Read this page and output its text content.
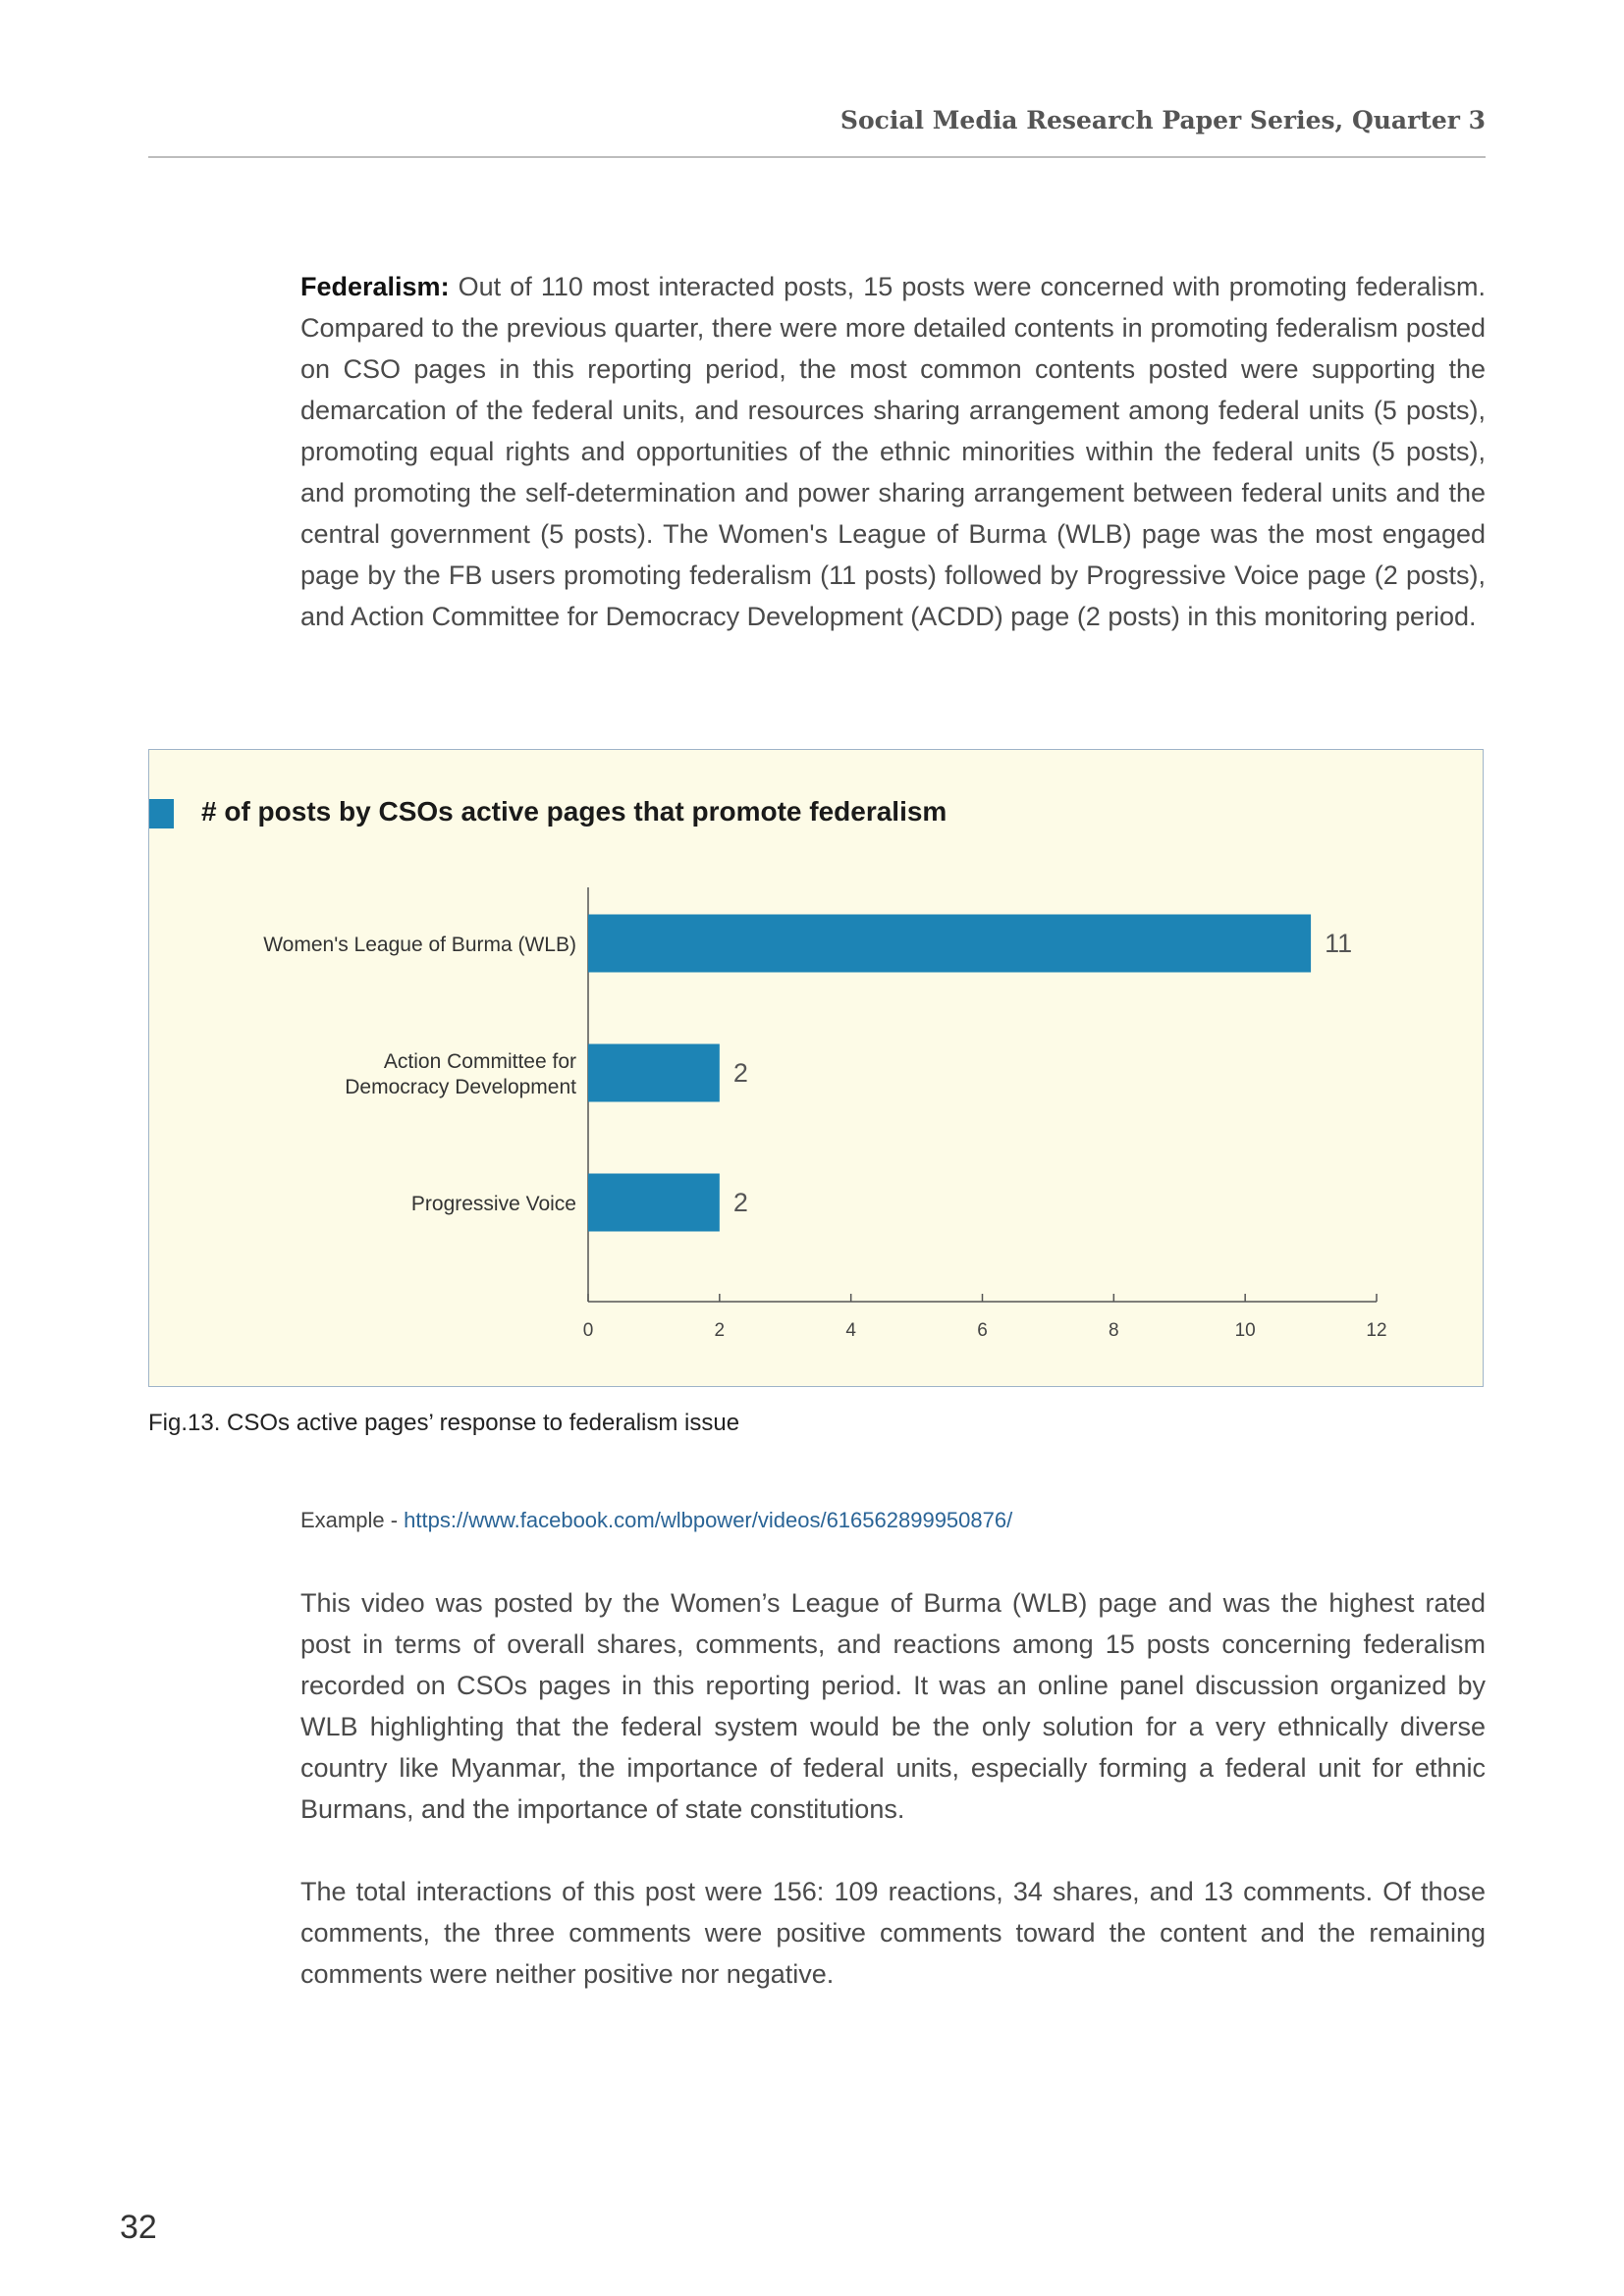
Social Media Research Paper Series, Quarter 3

Federalism: Out of 110 most interacted posts, 15 posts were concerned with promoting federalism. Compared to the previous quarter, there were more detailed contents in promoting federalism posted on CSO pages in this reporting period, the most common contents posted were supporting the demarcation of the federal units, and resources sharing arrangement among federal units (5 posts), promoting equal rights and opportunities of the ethnic minorities within the federal units (5 posts), and promoting the self-determination and power sharing arrangement between federal units and the central government (5 posts). The Women's League of Burma (WLB) page was the most engaged page by the FB users promoting federalism (11 posts) followed by Progressive Voice page (2 posts), and Action Committee for Democracy Development (ACDD) page (2 posts) in this monitoring period.

# of posts by CSOs active pages that promote federalism
0	2	4	6	8	10	12
11
Women's League of Burma (WLB)
2
Action Committee for
Democracy Development
2
Progressive Voice

Fig.13. CSOs active pages’ response to federalism issue

Example - https://www.facebook.com/wlbpower/videos/616562899950876/

This video was posted by the Women’s League of Burma (WLB) page and was the highest rated post in terms of overall shares, comments, and reactions among 15 posts concerning federalism recorded on CSOs pages in this reporting period. It was an online panel discussion organized by WLB highlighting that the federal system would be the only solution for a very ethnically diverse country like Myanmar, the importance of federal units, especially forming a federal unit for ethnic Burmans, and the importance of state constitutions.

The total interactions of this post were 156: 109 reactions, 34 shares, and 13 comments. Of those comments, the three comments were positive comments toward the content and the remaining comments were neither positive nor negative.

32
